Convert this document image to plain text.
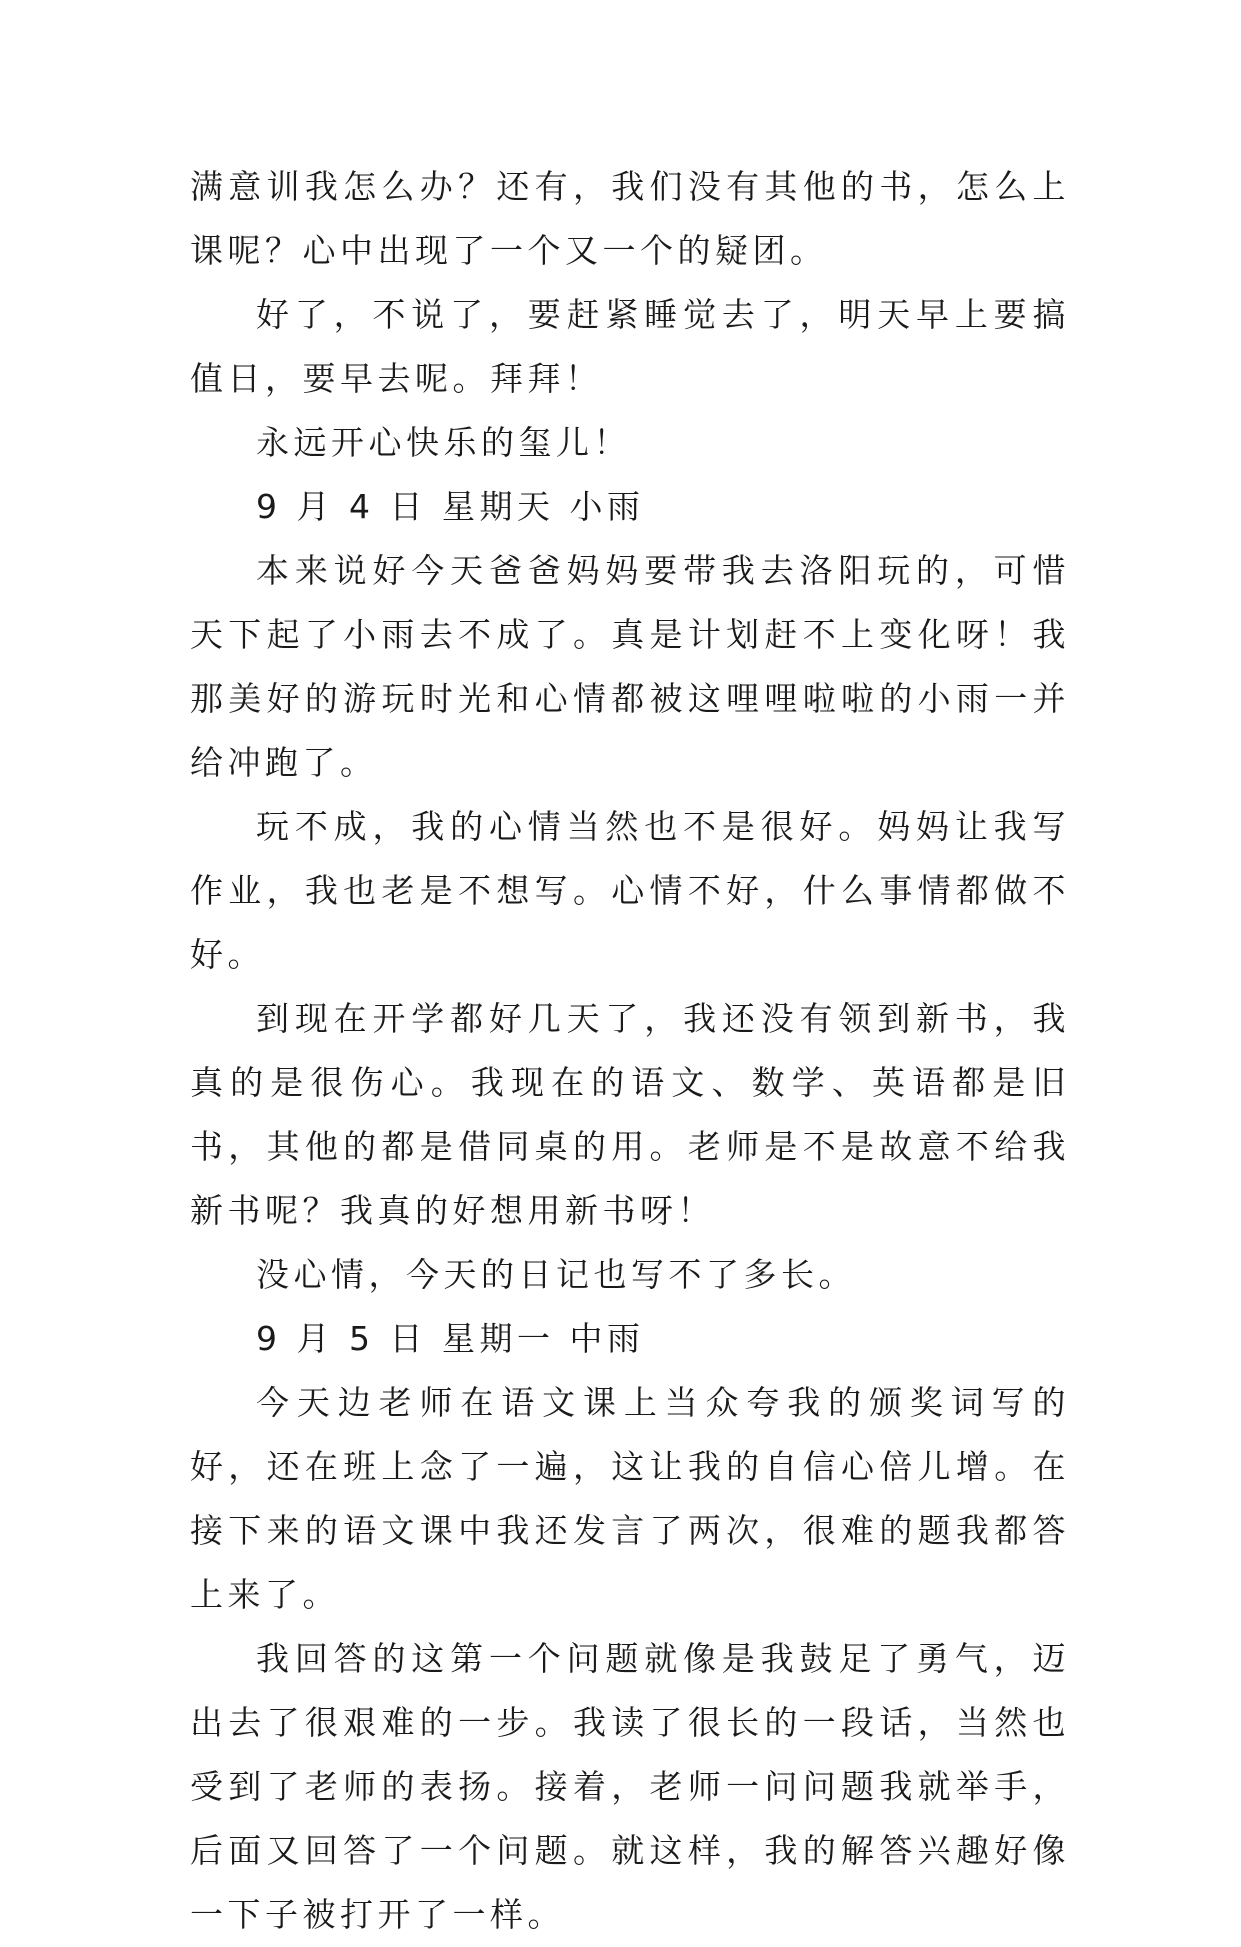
满意训我怎么办？还有，我们没有其他的书，怎么上课呢？心中出现了一个又一个的疑团。

好了，不说了，要赶紧睡觉去了，明天早上要搞值日，要早去呢。拜拜！

永远开心快乐的玺儿！

9 月 4 日 星期天 小雨

本来说好今天爸爸妈妈要带我去洛阳玩的，可惜天下起了小雨去不成了。真是计划赶不上变化呀！我那美好的游玩时光和心情都被这哩哩啦啦的小雨一并给冲跑了。

玩不成，我的心情当然也不是很好。妈妈让我写作业，我也老是不想写。心情不好，什么事情都做不好。

到现在开学都好几天了，我还没有领到新书，我真的是很伤心。我现在的语文、数学、英语都是旧书，其他的都是借同桌的用。老师是不是故意不给我新书呢？我真的好想用新书呀！

没心情，今天的日记也写不了多长。

9 月 5 日 星期一 中雨

今天边老师在语文课上当众夸我的颁奖词写的好，还在班上念了一遍，这让我的自信心倍儿增。在接下来的语文课中我还发言了两次，很难的题我都答上来了。

我回答的这第一个问题就像是我鼓足了勇气，迈出去了很艰难的一步。我读了很长的一段话，当然也受到了老师的表扬。接着，老师一问问题我就举手，后面又回答了一个问题。就这样，我的解答兴趣好像一下子被打开了一样。
